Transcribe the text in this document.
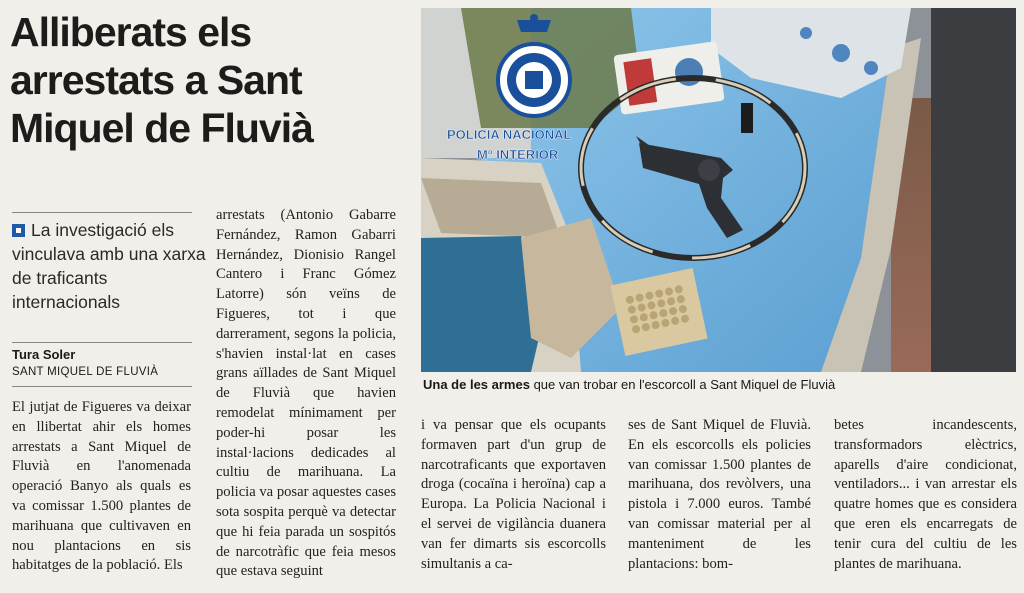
Alliberats els
arrestats a Sant
Miquel de Fluvià
La investigació els vinculava amb una xarxa de traficants internacionals
Tura Soler
SANT MIQUEL DE FLUVIÀ

El jutjat de Figueres va deixar en llibertat ahir els homes arrestats a Sant Miquel de Fluvià en l'anomenada operació Banyo als quals es va comissar 1.500 plantes de marihuana que cultivaven en nou plantacions en sis habitatges de la població. Els

arrestats (Antonio Gabarre Fernández, Ramon Gabarri Hernández, Dionisio Rangel Cantero i Franc Gómez Latorre) són veïns de Figueres, tot i que darrerament, segons la policia, s'havien instal·lat en cases grans aïllades de Sant Miquel de Fluvià que havien remodelat mínimament per poder-hi posar les instal·lacions dedicades al cultiu de marihuana. La policia va posar aquestes cases sota sospita perquè va detectar que hi feia parada un sospitós de narcotràfic que feia mesos que estava seguint

i va pensar que els ocupants formaven part d'un grup de narcotraficants que exportaven droga (cocaïna i heroïna) cap a Europa. La Policia Nacional i el servei de vigilància duanera van fer dimarts sis escorcolls simultanis a ca-

ses de Sant Miquel de Fluvià. En els escorcolls els policies van comissar 1.500 plantes de marihuana, dos revòlvers, una pistola i 7.000 euros. També van comissar material per al manteniment de les plantacions: bom-

betes incandescents, transformadors elèctrics, aparells d'aire condicionat, ventiladors... i van arrestar els quatre homes que es considera que eren els encarregats de tenir cura del cultiu de les plantes de marihuana.

POLICIA NACIONAL
Mº INTERIOR
Una de les armes que van trobar en l'escorcoll a Sant Miquel de Fluvià
